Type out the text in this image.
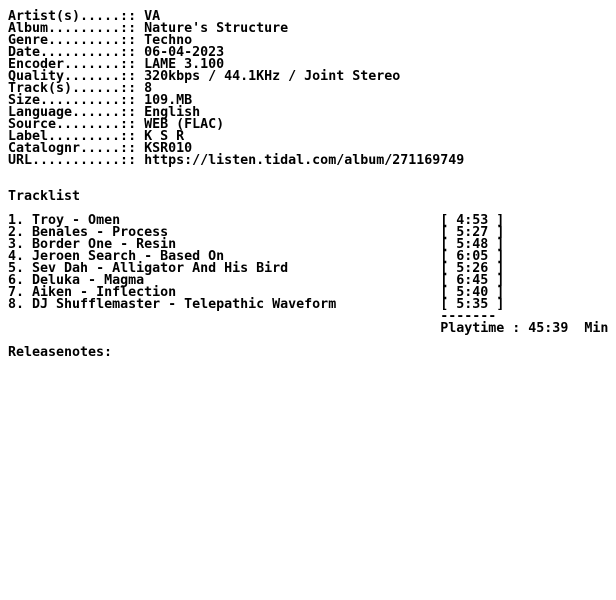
Artist(s).....:: VA
Album.........:: Nature's Structure
Genre.........:: Techno
Date..........:: 06-04-2023
Encoder.......:: LAME 3.100
Quality.......:: 320kbps / 44.1KHz / Joint Stereo
Track(s)......:: 8
Size..........:: 109.MB
Language......:: English
Source........:: WEB (FLAC)
Label.........:: K S R
Catalognr.....:: KSR010
URL...........:: https://listen.tidal.com/album/271169749
Tracklist
1. Troy - Omen	[ 4:53 ]
2. Benales - Process	[ 5:27 ]
3. Border One - Resin	[ 5:48 ]
4. Jeroen Search - Based On	[ 6:05 ]
5. Sev Dah - Alligator And His Bird	[ 5:26 ]
6. Deluka - Magma	[ 6:45 ]
7. Aiken - Inflection	[ 5:40 ]
8. DJ Shufflemaster - Telepathic Waveform	[ 5:35 ]
-------
Playtime : 45:39 Min
Releasenotes:
